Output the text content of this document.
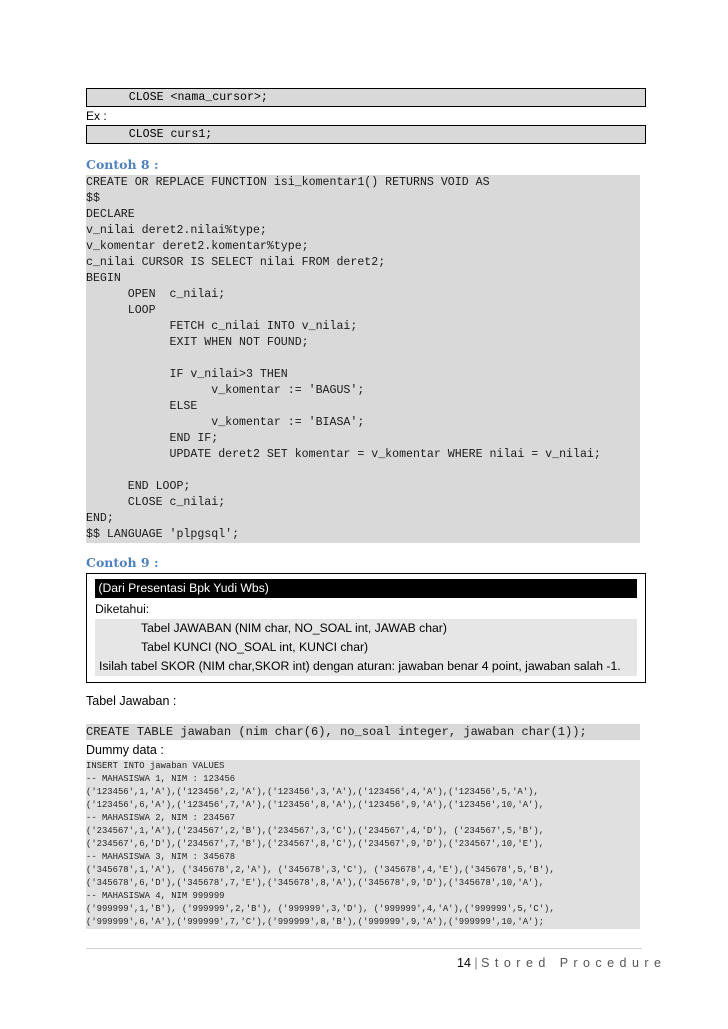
CLOSE <nama_cursor>;
Ex :
CLOSE curs1;
Contoh 8 :
CREATE OR REPLACE FUNCTION isi_komentar1() RETURNS VOID AS
$$
DECLARE
v_nilai deret2.nilai%type;
v_komentar deret2.komentar%type;
c_nilai CURSOR IS SELECT nilai FROM deret2;
BEGIN
OPEN  c_nilai;
LOOP
FETCH c_nilai INTO v_nilai;
EXIT WHEN NOT FOUND;
IF v_nilai>3 THEN
v_komentar := 'BAGUS';
ELSE
v_komentar := 'BIASA';
END IF;
UPDATE deret2 SET komentar = v_komentar WHERE nilai = v_nilai;
END LOOP;
CLOSE c_nilai;
END;
$$ LANGUAGE 'plpgsql';
Contoh 9 :
(Dari Presentasi Bpk Yudi Wbs)
Diketahui:
Tabel JAWABAN (NIM char, NO_SOAL int, JAWAB char)
Tabel KUNCI (NO_SOAL int, KUNCI char)
Isilah tabel SKOR (NIM char,SKOR int) dengan aturan: jawaban benar 4 point, jawaban salah -1.
Tabel Jawaban :
CREATE TABLE jawaban (nim char(6), no_soal integer, jawaban char(1));
Dummy data :
INSERT INTO jawaban VALUES
-- MAHASISWA 1, NIM : 123456
('123456',1,'A'),('123456',2,'A'),('123456',3,'A'),('123456',4,'A'),('123456',5,'A'),
('123456',6,'A'),('123456',7,'A'),('123456',8,'A'),('123456',9,'A'),('123456',10,'A'),
-- MAHASISWA 2, NIM : 234567
('234567',1,'A'),('234567',2,'B'),('234567',3,'C'),('234567',4,'D'), ('234567',5,'B'),
('234567',6,'D'),('234567',7,'B'),('234567',8,'C'),('234567',9,'D'),('234567',10,'E'),
-- MAHASISWA 3, NIM : 345678
('345678',1,'A'), ('345678',2,'A'), ('345678',3,'C'), ('345678',4,'E'),('345678',5,'B'),
('345678',6,'D'),('345678',7,'E'),('345678',8,'A'),('345678',9,'D'),('345678',10,'A'),
-- MAHASISWA 4, NIM 999999
('999999',1,'B'), ('999999',2,'B'), ('999999',3,'D'), ('999999',4,'A'),('999999',5,'C'),
('999999',6,'A'),('999999',7,'C'),('999999',8,'B'),('999999',9,'A'),('999999',10,'A');
14 | S t o r e d   P r o c e d u r e
